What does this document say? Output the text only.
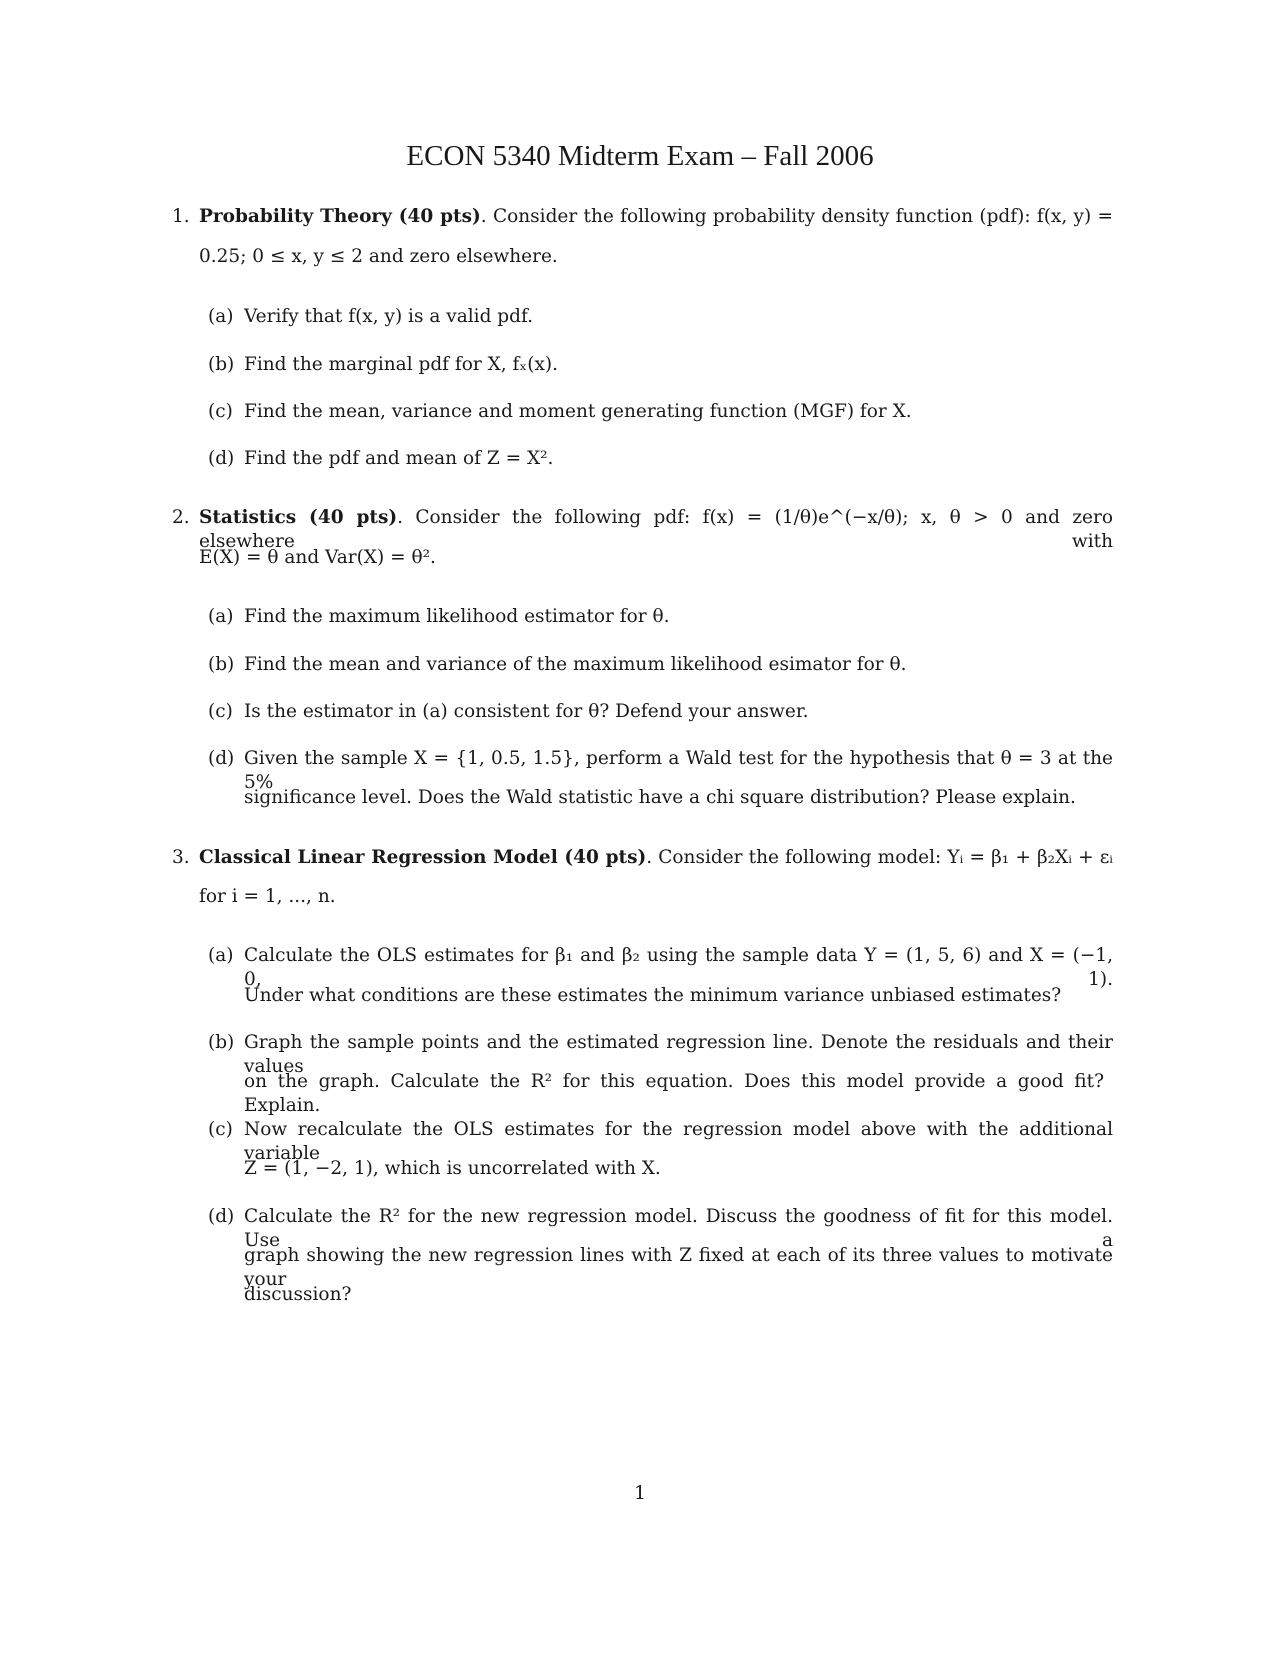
ECON 5340 Midterm Exam – Fall 2006
1. Probability Theory (40 pts). Consider the following probability density function (pdf): f(x, y) =
0.25; 0 ≤ x, y ≤ 2 and zero elsewhere.
(a) Verify that f(x, y) is a valid pdf.
(b) Find the marginal pdf for X, fₓ(x).
(c) Find the mean, variance and moment generating function (MGF) for X.
(d) Find the pdf and mean of Z = X².
2. Statistics (40 pts). Consider the following pdf: f(x) = (1/θ)e^(−x/θ); x, θ > 0 and zero elsewhere with
E(X) = θ and Var(X) = θ².
(a) Find the maximum likelihood estimator for θ.
(b) Find the mean and variance of the maximum likelihood esimator for θ.
(c) Is the estimator in (a) consistent for θ? Defend your answer.
(d) Given the sample X = {1, 0.5, 1.5}, perform a Wald test for the hypothesis that θ = 3 at the 5%
significance level. Does the Wald statistic have a chi square distribution? Please explain.
3. Classical Linear Regression Model (40 pts). Consider the following model: Yᵢ = β₁ + β₂Xᵢ + εᵢ
for i = 1, ..., n.
(a) Calculate the OLS estimates for β₁ and β₂ using the sample data Y = (1, 5, 6) and X = (−1, 0, 1).
Under what conditions are these estimates the minimum variance unbiased estimates?
(b) Graph the sample points and the estimated regression line. Denote the residuals and their values
on the graph. Calculate the R² for this equation. Does this model provide a good fit? Explain.
(c) Now recalculate the OLS estimates for the regression model above with the additional variable
Z = (1, −2, 1), which is uncorrelated with X.
(d) Calculate the R² for the new regression model. Discuss the goodness of fit for this model. Use a
graph showing the new regression lines with Z fixed at each of its three values to motivate your
discussion?
1
